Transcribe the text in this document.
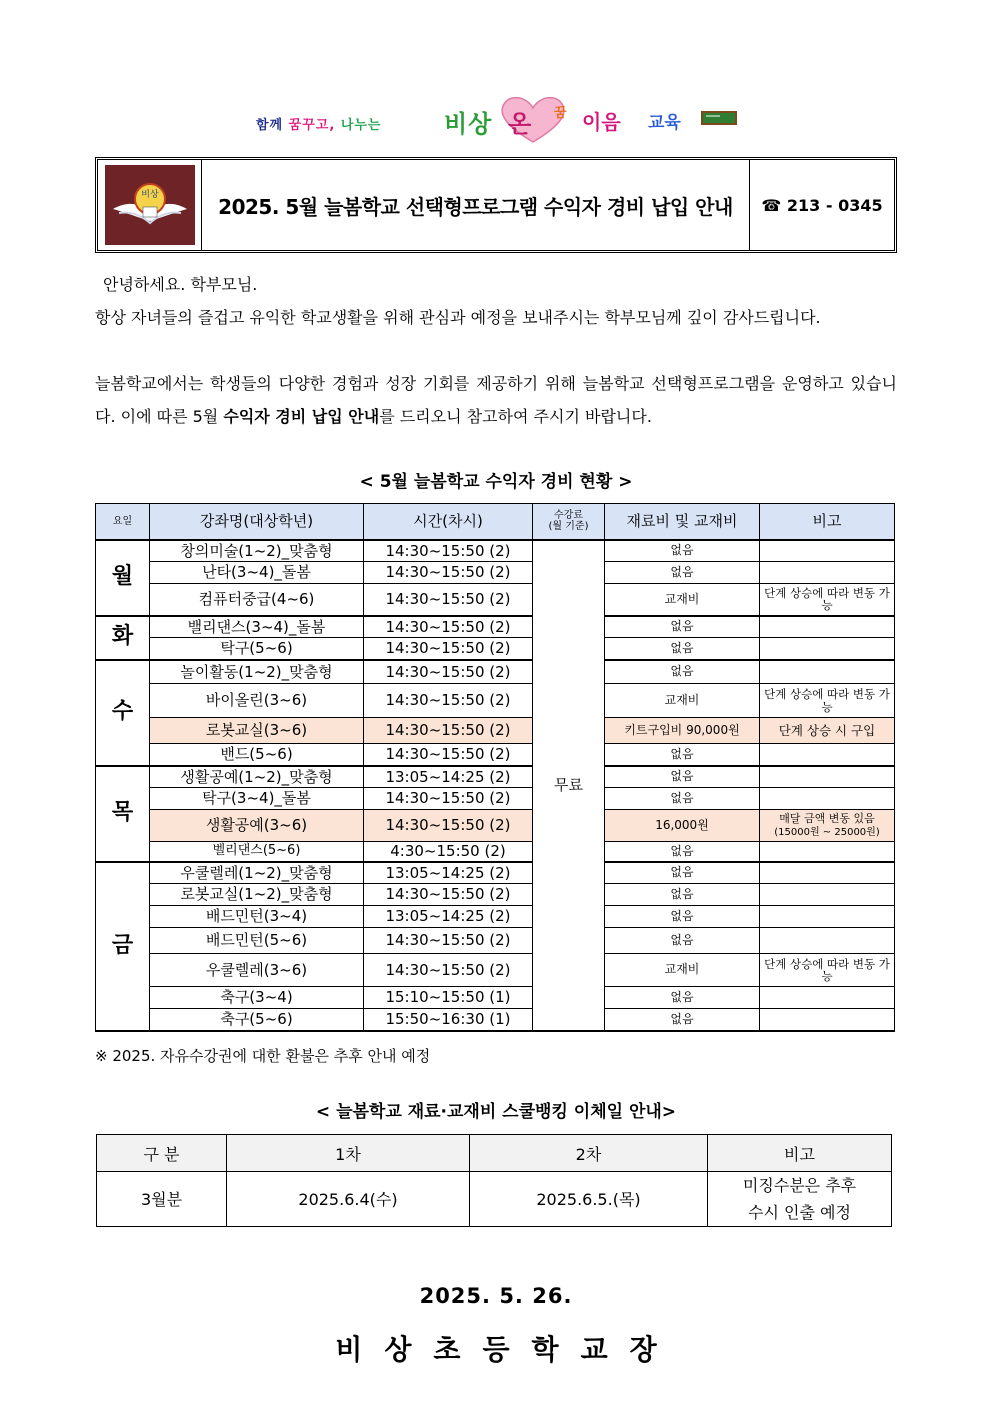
함께 꿈꾸고, 나누는	비상 온 꿈 이음 교육
비상	2025. 5월 늘봄학교 선택형프로그램 수익자 경비 납입 안내	☎ 213 - 0345

안녕하세요. 학부모님.

항상 자녀들의 즐겁고 유익한 학교생활을 위해 관심과 예정을 보내주시는 학부모님께 깊이 감사드립니다.

늘봄학교에서는 학생들의 다양한 경험과 성장 기회를 제공하기 위해 늘봄학교 선택형프로그램을 운영하고 있습니다. 이에 따른 5월 수익자 경비 납입 안내를 드리오니 참고하여 주시기 바랍니다.

< 5월 늘봄학교 수익자 경비 현황 >
요일	강좌명(대상학년)	시간(차시)	수강료
(월 기준)	재료비 및 교재비	비고
월	창의미술(1~2)_맞춤형	14:30~15:50 (2)	무료	없음	
	난타(3~4)_돌봄	14:30~15:50 (2)		없음	
	컴퓨터중급(4~6)	14:30~15:50 (2)		교재비	단계 상승에 따라 변동 가능
화	밸리댄스(3~4)_돌봄	14:30~15:50 (2)		없음	
	탁구(5~6)	14:30~15:50 (2)		없음	
수	놀이활동(1~2)_맞춤형	14:30~15:50 (2)		없음	
	바이올린(3~6)	14:30~15:50 (2)		교재비	단계 상승에 따라 변동 가능
	로봇교실(3~6)	14:30~15:50 (2)		키트구입비 90,000원	단계 상승 시 구입
	밴드(5~6)	14:30~15:50 (2)		없음	
목	생활공예(1~2)_맞춤형	13:05~14:25 (2)		없음	
	탁구(3~4)_돌봄	14:30~15:50 (2)		없음	
	생활공예(3~6)	14:30~15:50 (2)		16,000원	매달 금액 변동 있음
(15000원 ~ 25000원)
	벨리댄스(5~6)	4:30~15:50 (2)		없음	
금	우쿨렐레(1~2)_맞춤형	13:05~14:25 (2)		없음	
	로봇교실(1~2)_맞춤형	14:30~15:50 (2)		없음	
	배드민턴(3~4)	13:05~14:25 (2)		없음	
	배드민턴(5~6)	14:30~15:50 (2)		없음	
	우쿨렐레(3~6)	14:30~15:50 (2)		교재비	단계 상승에 따라 변동 가능
	축구(3~4)	15:10~15:50 (1)		없음	
	축구(5~6)	15:50~16:30 (1)		없음	
※ 2025. 자유수강권에 대한 환불은 추후 안내 예정
< 늘봄학교 재료·교재비 스쿨뱅킹 이체일 안내>
구 분	1차	2차	비고
3월분	2025.6.4(수)	2025.6.5.(목)	미징수분은 추후
수시 인출 예정
2025. 5. 26.
비상초등학교장
